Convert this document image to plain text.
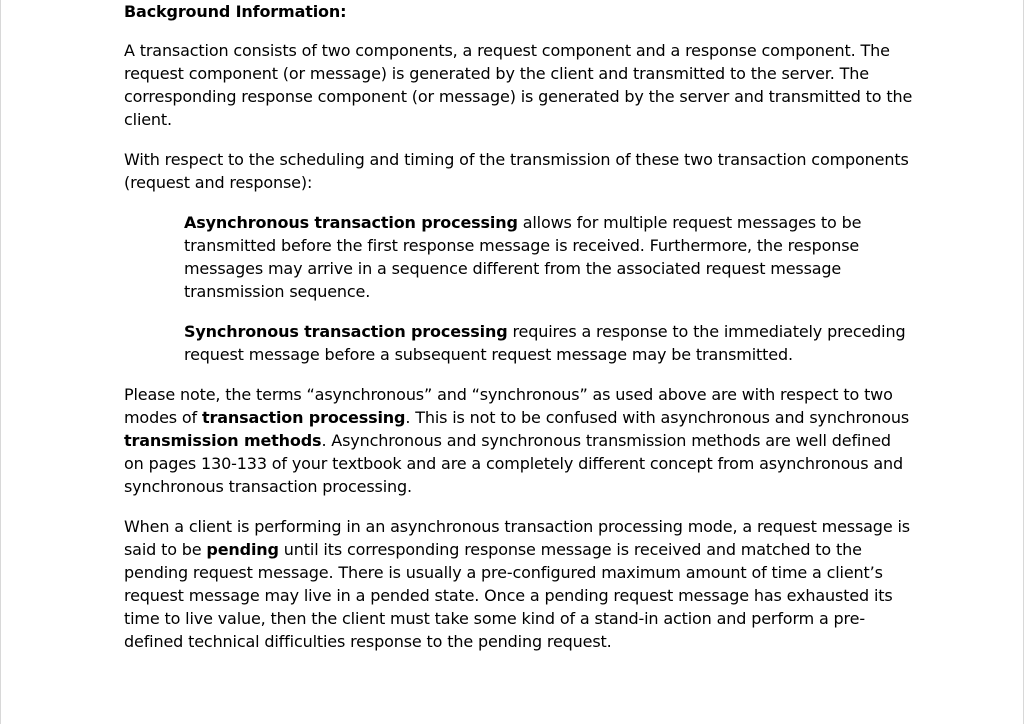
Background Information:

A transaction consists of two components, a request component and a response component. The request component (or message) is generated by the client and transmitted to the server. The corresponding response component (or message) is generated by the server and transmitted to the client.

With respect to the scheduling and timing of the transmission of these two transaction components (request and response):

Asynchronous transaction processing allows for multiple request messages to be transmitted before the first response message is received. Furthermore, the response messages may arrive in a sequence different from the associated request message transmission sequence.

Synchronous transaction processing requires a response to the immediately preceding request message before a subsequent request message may be transmitted.

Please note, the terms “asynchronous” and “synchronous” as used above are with respect to two modes of transaction processing. This is not to be confused with asynchronous and synchronous transmission methods. Asynchronous and synchronous transmission methods are well defined on pages 130-133 of your textbook and are a completely different concept from asynchronous and synchronous transaction processing.

When a client is performing in an asynchronous transaction processing mode, a request message is said to be pending until its corresponding response message is received and matched to the pending request message. There is usually a pre-configured maximum amount of time a client’s request message may live in a pended state. Once a pending request message has exhausted its time to live value, then the client must take some kind of a stand-in action and perform a pre-defined technical difficulties response to the pending request.
